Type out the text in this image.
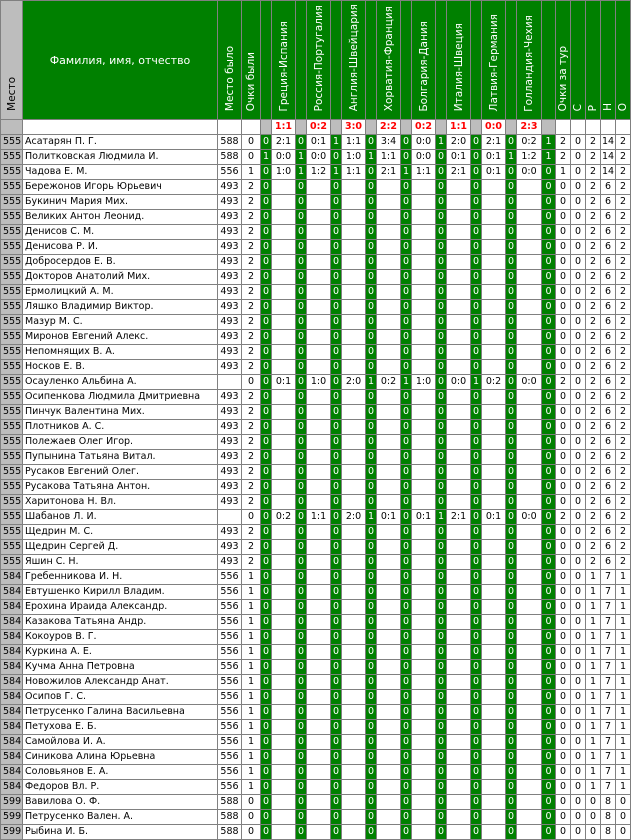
Место	Фамилия, имя, отчество	Место было	Очки были		Греция-Испания		Россия-Португалия		Англия-Швейцария		Хорватия-Франция		Болгария-Дания		Италия-Швеция		Латвия-Германия		Голландия-Чехия		Очки за тур	С	Р	Н	О
					1:1		0:2		3:0		2:2		0:2		1:1		0:0		2:3						
555	Асатарян П. Г.	588	0	0	2:1	0	0:1	1	1:1	0	3:4	0	0:0	1	2:0	0	2:1	0	0:2	1	2	0	2	14	2
555	Политковская Людмила И.	588	0	1	0:0	1	0:0	0	1:0	1	1:1	0	0:0	0	0:1	0	0:1	1	1:2	1	2	0	2	14	2
555	Чадова Е. М.	556	1	0	1:0	1	1:2	1	1:1	0	2:1	1	1:1	0	2:1	0	0:1	0	0:0	0	1	0	2	14	2
555	Бережонов Игорь Юрьевич	493	2	0		0		0		0		0		0		0		0		0	0	0	2	6	2
555	Букинич Мария Мих.	493	2	0		0		0		0		0		0		0		0		0	0	0	2	6	2
555	Великих Антон Леонид.	493	2	0		0		0		0		0		0		0		0		0	0	0	2	6	2
555	Денисов С. М.	493	2	0		0		0		0		0		0		0		0		0	0	0	2	6	2
555	Денисова Р. И.	493	2	0		0		0		0		0		0		0		0		0	0	0	2	6	2
555	Добросердов Е. В.	493	2	0		0		0		0		0		0		0		0		0	0	0	2	6	2
555	Докторов Анатолий Мих.	493	2	0		0		0		0		0		0		0		0		0	0	0	2	6	2
555	Ермолицкий А. М.	493	2	0		0		0		0		0		0		0		0		0	0	0	2	6	2
555	Ляшко Владимир Виктор.	493	2	0		0		0		0		0		0		0		0		0	0	0	2	6	2
555	Мазур М. С.	493	2	0		0		0		0		0		0		0		0		0	0	0	2	6	2
555	Миронов Евгений Алекс.	493	2	0		0		0		0		0		0		0		0		0	0	0	2	6	2
555	Непомнящих В. А.	493	2	0		0		0		0		0		0		0		0		0	0	0	2	6	2
555	Носков Е. В.	493	2	0		0		0		0		0		0		0		0		0	0	0	2	6	2
555	Осауленко Альбина А.		0	0	0:1	0	1:0	0	2:0	1	0:2	1	1:0	0	0:0	1	0:2	0	0:0	0	2	0	2	6	2
555	Осипенкова Людмила Дмитриевна	493	2	0		0		0		0		0		0		0		0		0	0	0	2	6	2
555	Пинчук Валентина Мих.	493	2	0		0		0		0		0		0		0		0		0	0	0	2	6	2
555	Плотников А. С.	493	2	0		0		0		0		0		0		0		0		0	0	0	2	6	2
555	Полежаев Олег Игор.	493	2	0		0		0		0		0		0		0		0		0	0	0	2	6	2
555	Пупынина Татьяна Витал.	493	2	0		0		0		0		0		0		0		0		0	0	0	2	6	2
555	Русаков Евгений Олег.	493	2	0		0		0		0		0		0		0		0		0	0	0	2	6	2
555	Русакова Татьяна Антон.	493	2	0		0		0		0		0		0		0		0		0	0	0	2	6	2
555	Харитонова Н. Вл.	493	2	0		0		0		0		0		0		0		0		0	0	0	2	6	2
555	Шабанов Л. И.		0	0	0:2	0	1:1	0	2:0	1	0:1	0	0:1	1	2:1	0	0:1	0	0:0	0	2	0	2	6	2
555	Щедрин М. С.	493	2	0		0		0		0		0		0		0		0		0	0	0	2	6	2
555	Щедрин Сергей Д.	493	2	0		0		0		0		0		0		0		0		0	0	0	2	6	2
555	Яшин С. Н.	493	2	0		0		0		0		0		0		0		0		0	0	0	2	6	2
584	Гребенникова И. Н.	556	1	0		0		0		0		0		0		0		0		0	0	0	1	7	1
584	Евтушенко Кирилл Владим.	556	1	0		0		0		0		0		0		0		0		0	0	0	1	7	1
584	Ерохина Ираида Александр.	556	1	0		0		0		0		0		0		0		0		0	0	0	1	7	1
584	Казакова Татьяна Андр.	556	1	0		0		0		0		0		0		0		0		0	0	0	1	7	1
584	Кокоуров В. Г.	556	1	0		0		0		0		0		0		0		0		0	0	0	1	7	1
584	Куркина А. Е.	556	1	0		0		0		0		0		0		0		0		0	0	0	1	7	1
584	Кучма Анна Петровна	556	1	0		0		0		0		0		0		0		0		0	0	0	1	7	1
584	Новожилов Александр Анат.	556	1	0		0		0		0		0		0		0		0		0	0	0	1	7	1
584	Осипов Г. С.	556	1	0		0		0		0		0		0		0		0		0	0	0	1	7	1
584	Петрусенко Галина Васильевна	556	1	0		0		0		0		0		0		0		0		0	0	0	1	7	1
584	Петухова Е. Б.	556	1	0		0		0		0		0		0		0		0		0	0	0	1	7	1
584	Самойлова И. А.	556	1	0		0		0		0		0		0		0		0		0	0	0	1	7	1
584	Синикова Алина Юрьевна	556	1	0		0		0		0		0		0		0		0		0	0	0	1	7	1
584	Соловьянов Е. А.	556	1	0		0		0		0		0		0		0		0		0	0	0	1	7	1
584	Федоров Вл. Р.	556	1	0		0		0		0		0		0		0		0		0	0	0	1	7	1
599	Вавилова О. Ф.	588	0	0		0		0		0		0		0		0		0		0	0	0	0	8	0
599	Петрусенко Вален. А.	588	0	0		0		0		0		0		0		0		0		0	0	0	0	8	0
599	Рыбина И. Б.	588	0	0		0		0		0		0		0		0		0		0	0	0	0	8	0
